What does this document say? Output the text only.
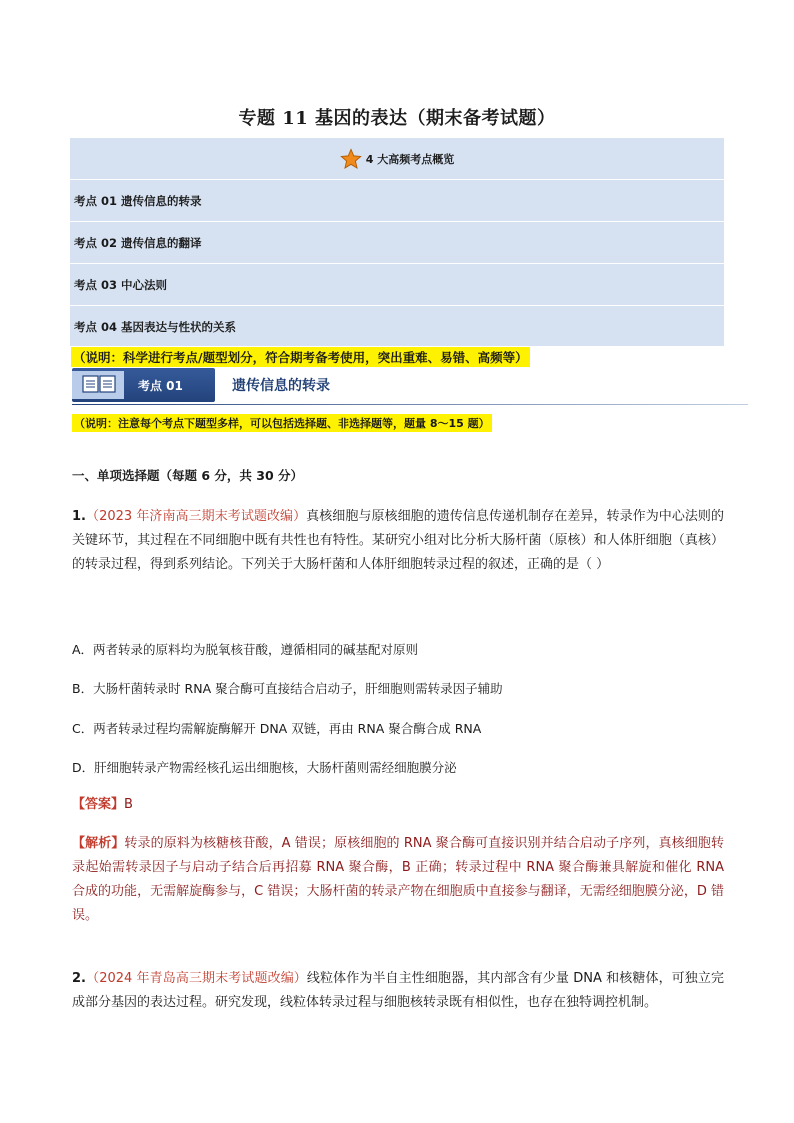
专题 11 基因的表达（期末备考试题）
4 大高频考点概览
考点 01 遗传信息的转录
考点 02 遗传信息的翻译
考点 03 中心法则
考点 04 基因表达与性状的关系
（说明：科学进行考点/题型划分，符合期考备考使用，突出重难、易错、高频等）
考点 01	遗传信息的转录
（说明：注意每个考点下题型多样，可以包括选择题、非选择题等，题量 8～15 题）
一、单项选择题（每题 6 分，共 30 分）
1.（2023 年济南高三期末考试题改编）真核细胞与原核细胞的遗传信息传递机制存在差异，转录作为中心法则的关键环节，其过程在不同细胞中既有共性也有特性。某研究小组对比分析大肠杆菌（原核）和人体肝细胞（真核）的转录过程，得到系列结论。下列关于大肠杆菌和人体肝细胞转录过程的叙述，正确的是（ ）
A．两者转录的原料均为脱氧核苷酸，遵循相同的碱基配对原则
B．大肠杆菌转录时 RNA 聚合酶可直接结合启动子，肝细胞则需转录因子辅助
C．两者转录过程均需解旋酶解开 DNA 双链，再由 RNA 聚合酶合成 RNA
D．肝细胞转录产物需经核孔运出细胞核，大肠杆菌则需经细胞膜分泌
【答案】B
【解析】转录的原料为核糖核苷酸，A 错误；原核细胞的 RNA 聚合酶可直接识别并结合启动子序列，真核细胞转录起始需转录因子与启动子结合后再招募 RNA 聚合酶，B 正确；转录过程中 RNA 聚合酶兼具解旋和催化 RNA 合成的功能，无需解旋酶参与，C 错误；大肠杆菌的转录产物在细胞质中直接参与翻译，无需经细胞膜分泌，D 错误。
2.（2024 年青岛高三期末考试题改编）线粒体作为半自主性细胞器，其内部含有少量 DNA 和核糖体，可独立完成部分基因的表达过程。研究发现，线粒体转录过程与细胞核转录既有相似性，也存在独特调控机制。
